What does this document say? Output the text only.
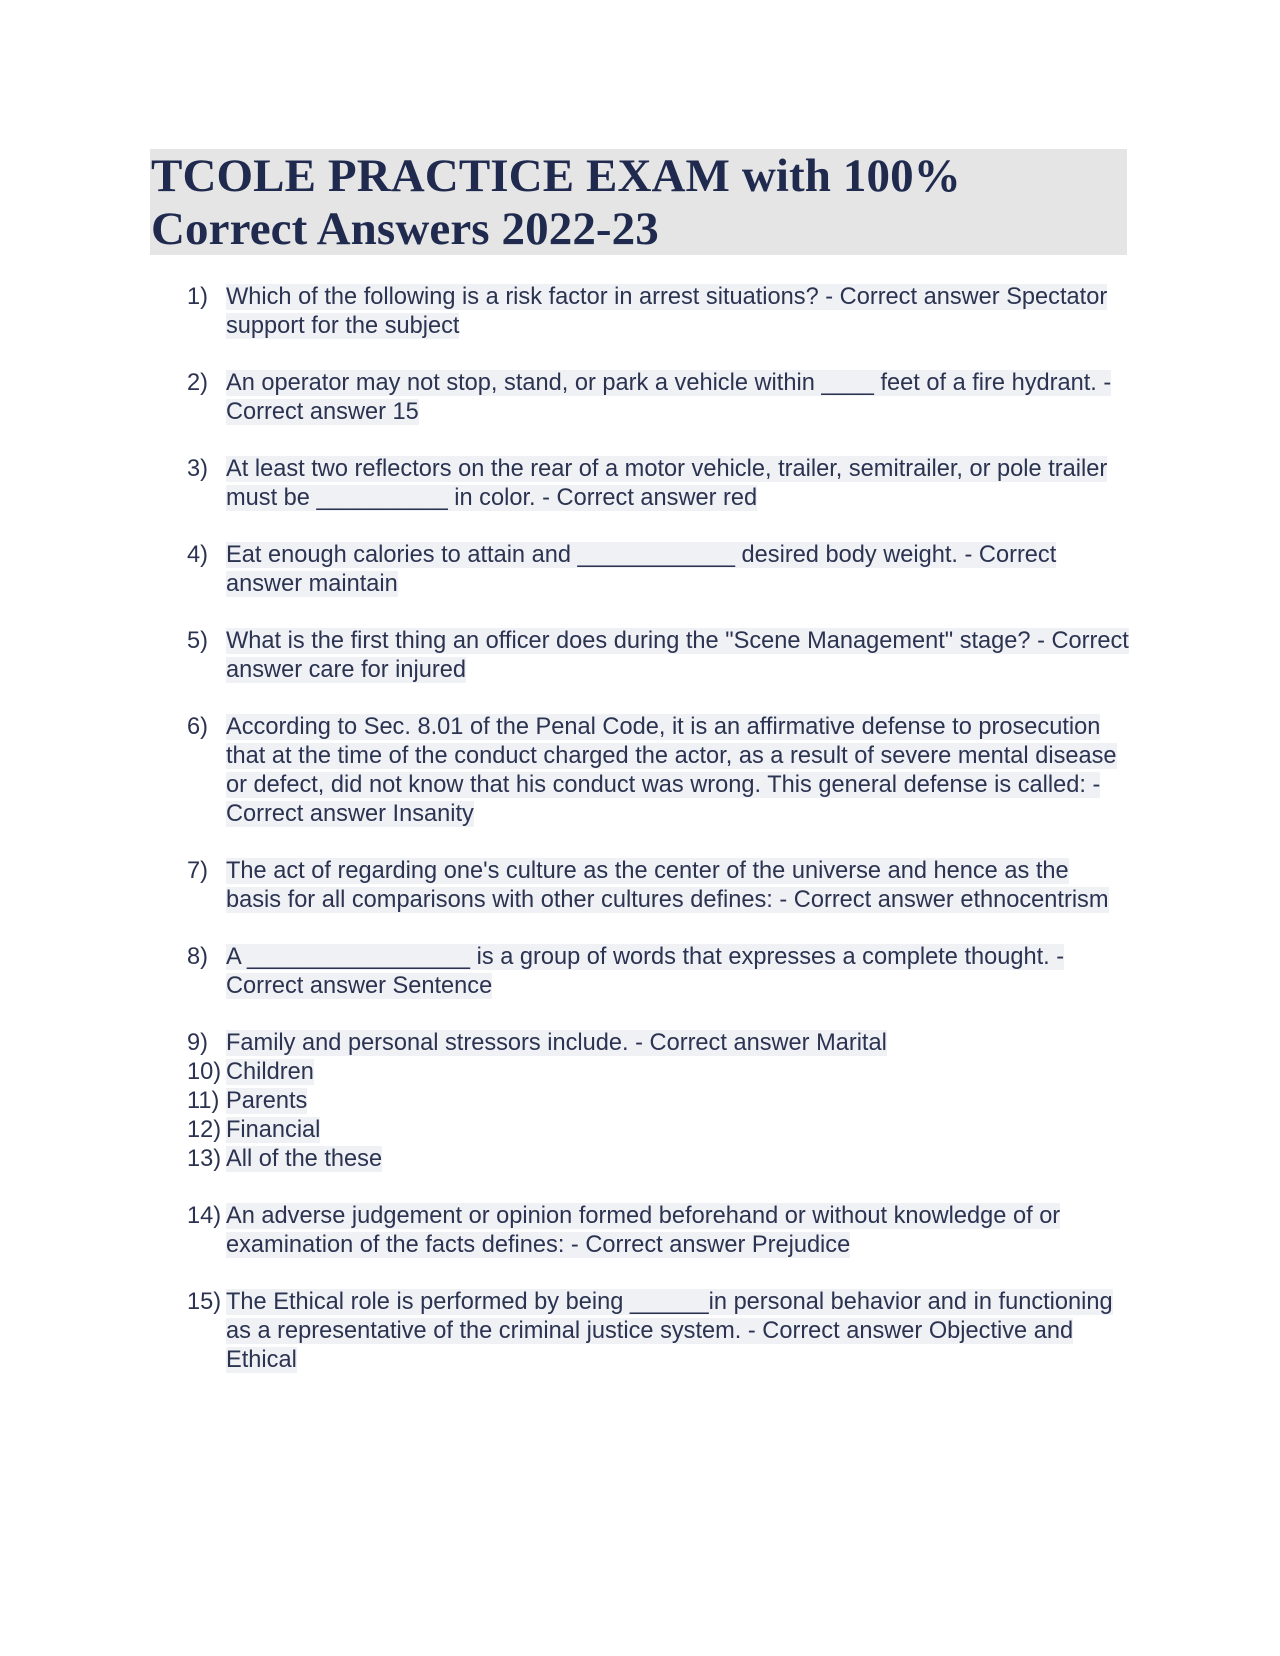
TCOLE PRACTICE EXAM with 100% Correct Answers 2022-23
1) Which of the following is a risk factor in arrest situations? - Correct answer Spectator support for the subject
2) An operator may not stop, stand, or park a vehicle within ____ feet of a fire hydrant. - Correct answer 15
3) At least two reflectors on the rear of a motor vehicle, trailer, semitrailer, or pole trailer must be __________ in color. - Correct answer red
4) Eat enough calories to attain and ____________ desired body weight. - Correct answer maintain
5) What is the first thing an officer does during the "Scene Management" stage? - Correct answer care for injured
6) According to Sec. 8.01 of the Penal Code, it is an affirmative defense to prosecution that at the time of the conduct charged the actor, as a result of severe mental disease or defect, did not know that his conduct was wrong. This general defense is called: - Correct answer Insanity
7) The act of regarding one's culture as the center of the universe and hence as the basis for all comparisons with other cultures defines: - Correct answer ethnocentrism
8) A _________________ is a group of words that expresses a complete thought. - Correct answer Sentence
9) Family and personal stressors include. - Correct answer Marital
10) Children
11) Parents
12) Financial
13) All of the these
14) An adverse judgement or opinion formed beforehand or without knowledge of or examination of the facts defines: - Correct answer Prejudice
15) The Ethical role is performed by being ______in personal behavior and in functioning as a representative of the criminal justice system. - Correct answer Objective and Ethical
